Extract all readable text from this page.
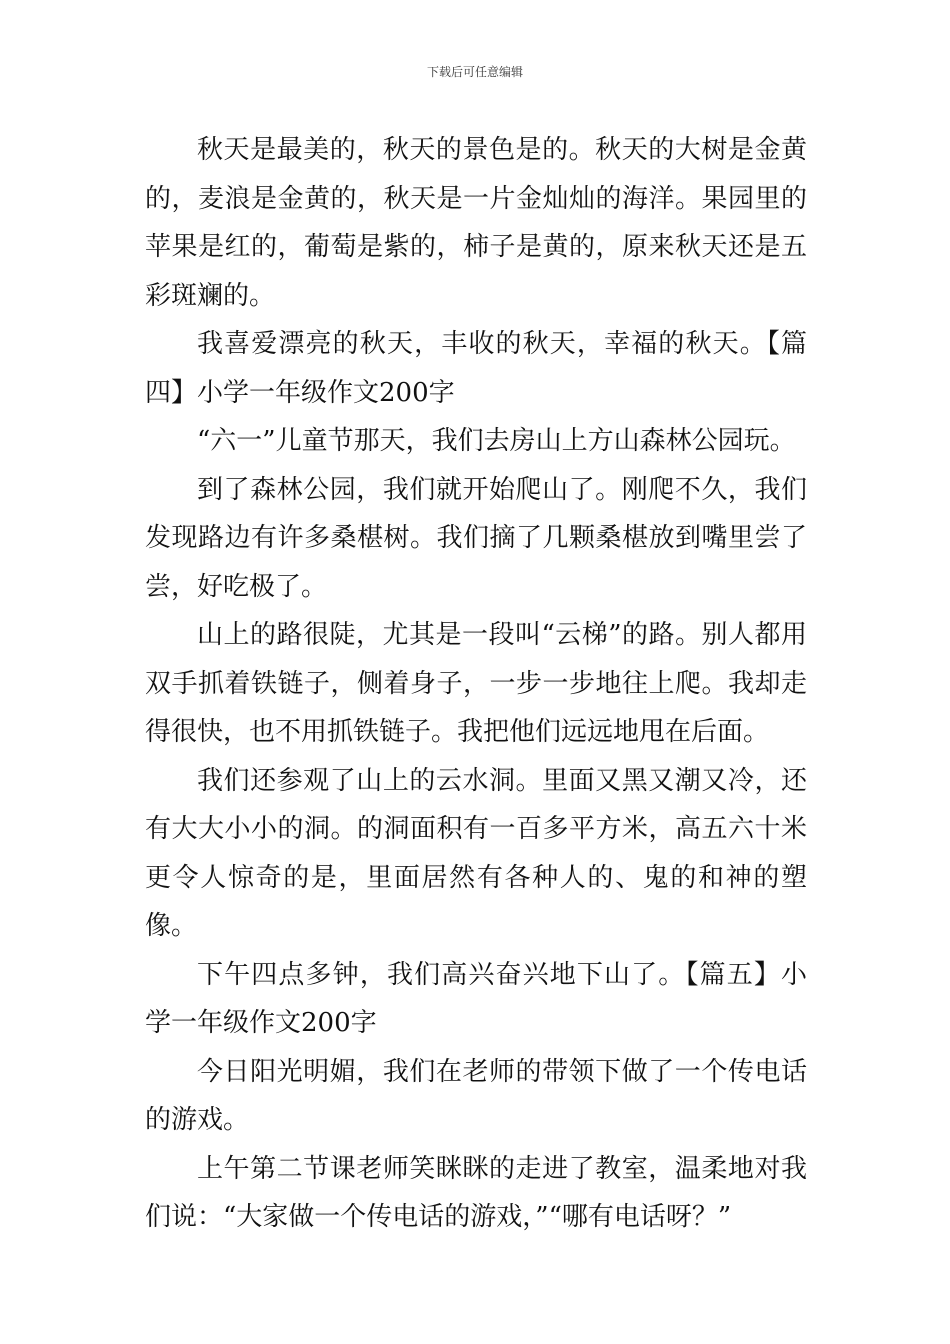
下载后可任意编辑

秋天是最美的，秋天的景色是的。秋天的大树是金黄的，麦浪是金黄的，秋天是一片金灿灿的海洋。果园里的苹果是红的，葡萄是紫的，柿子是黄的，原来秋天还是五彩斑斓的。

我喜爱漂亮的秋天，丰收的秋天，幸福的秋天。【篇四】小学一年级作文200字

“六一”儿童节那天，我们去房山上方山森林公园玩。

到了森林公园，我们就开始爬山了。刚爬不久，我们发现路边有许多桑椹树。我们摘了几颗桑椹放到嘴里尝了尝，好吃极了。

山上的路很陡，尤其是一段叫“云梯”的路。别人都用双手抓着铁链子，侧着身子，一步一步地往上爬。我却走得很快，也不用抓铁链子。我把他们远远地甩在后面。

我们还参观了山上的云水洞。里面又黑又潮又冷，还有大大小小的洞。的洞面积有一百多平方米，高五六十米更令人惊奇的是，里面居然有各种人的、鬼的和神的塑像。

下午四点多钟，我们高兴奋兴地下山了。【篇五】小学一年级作文200字

今日阳光明媚，我们在老师的带领下做了一个传电话的游戏。

上午第二节课老师笑眯眯的走进了教室，温柔地对我们说：“大家做一个传电话的游戏，”“哪有电话呀？”
